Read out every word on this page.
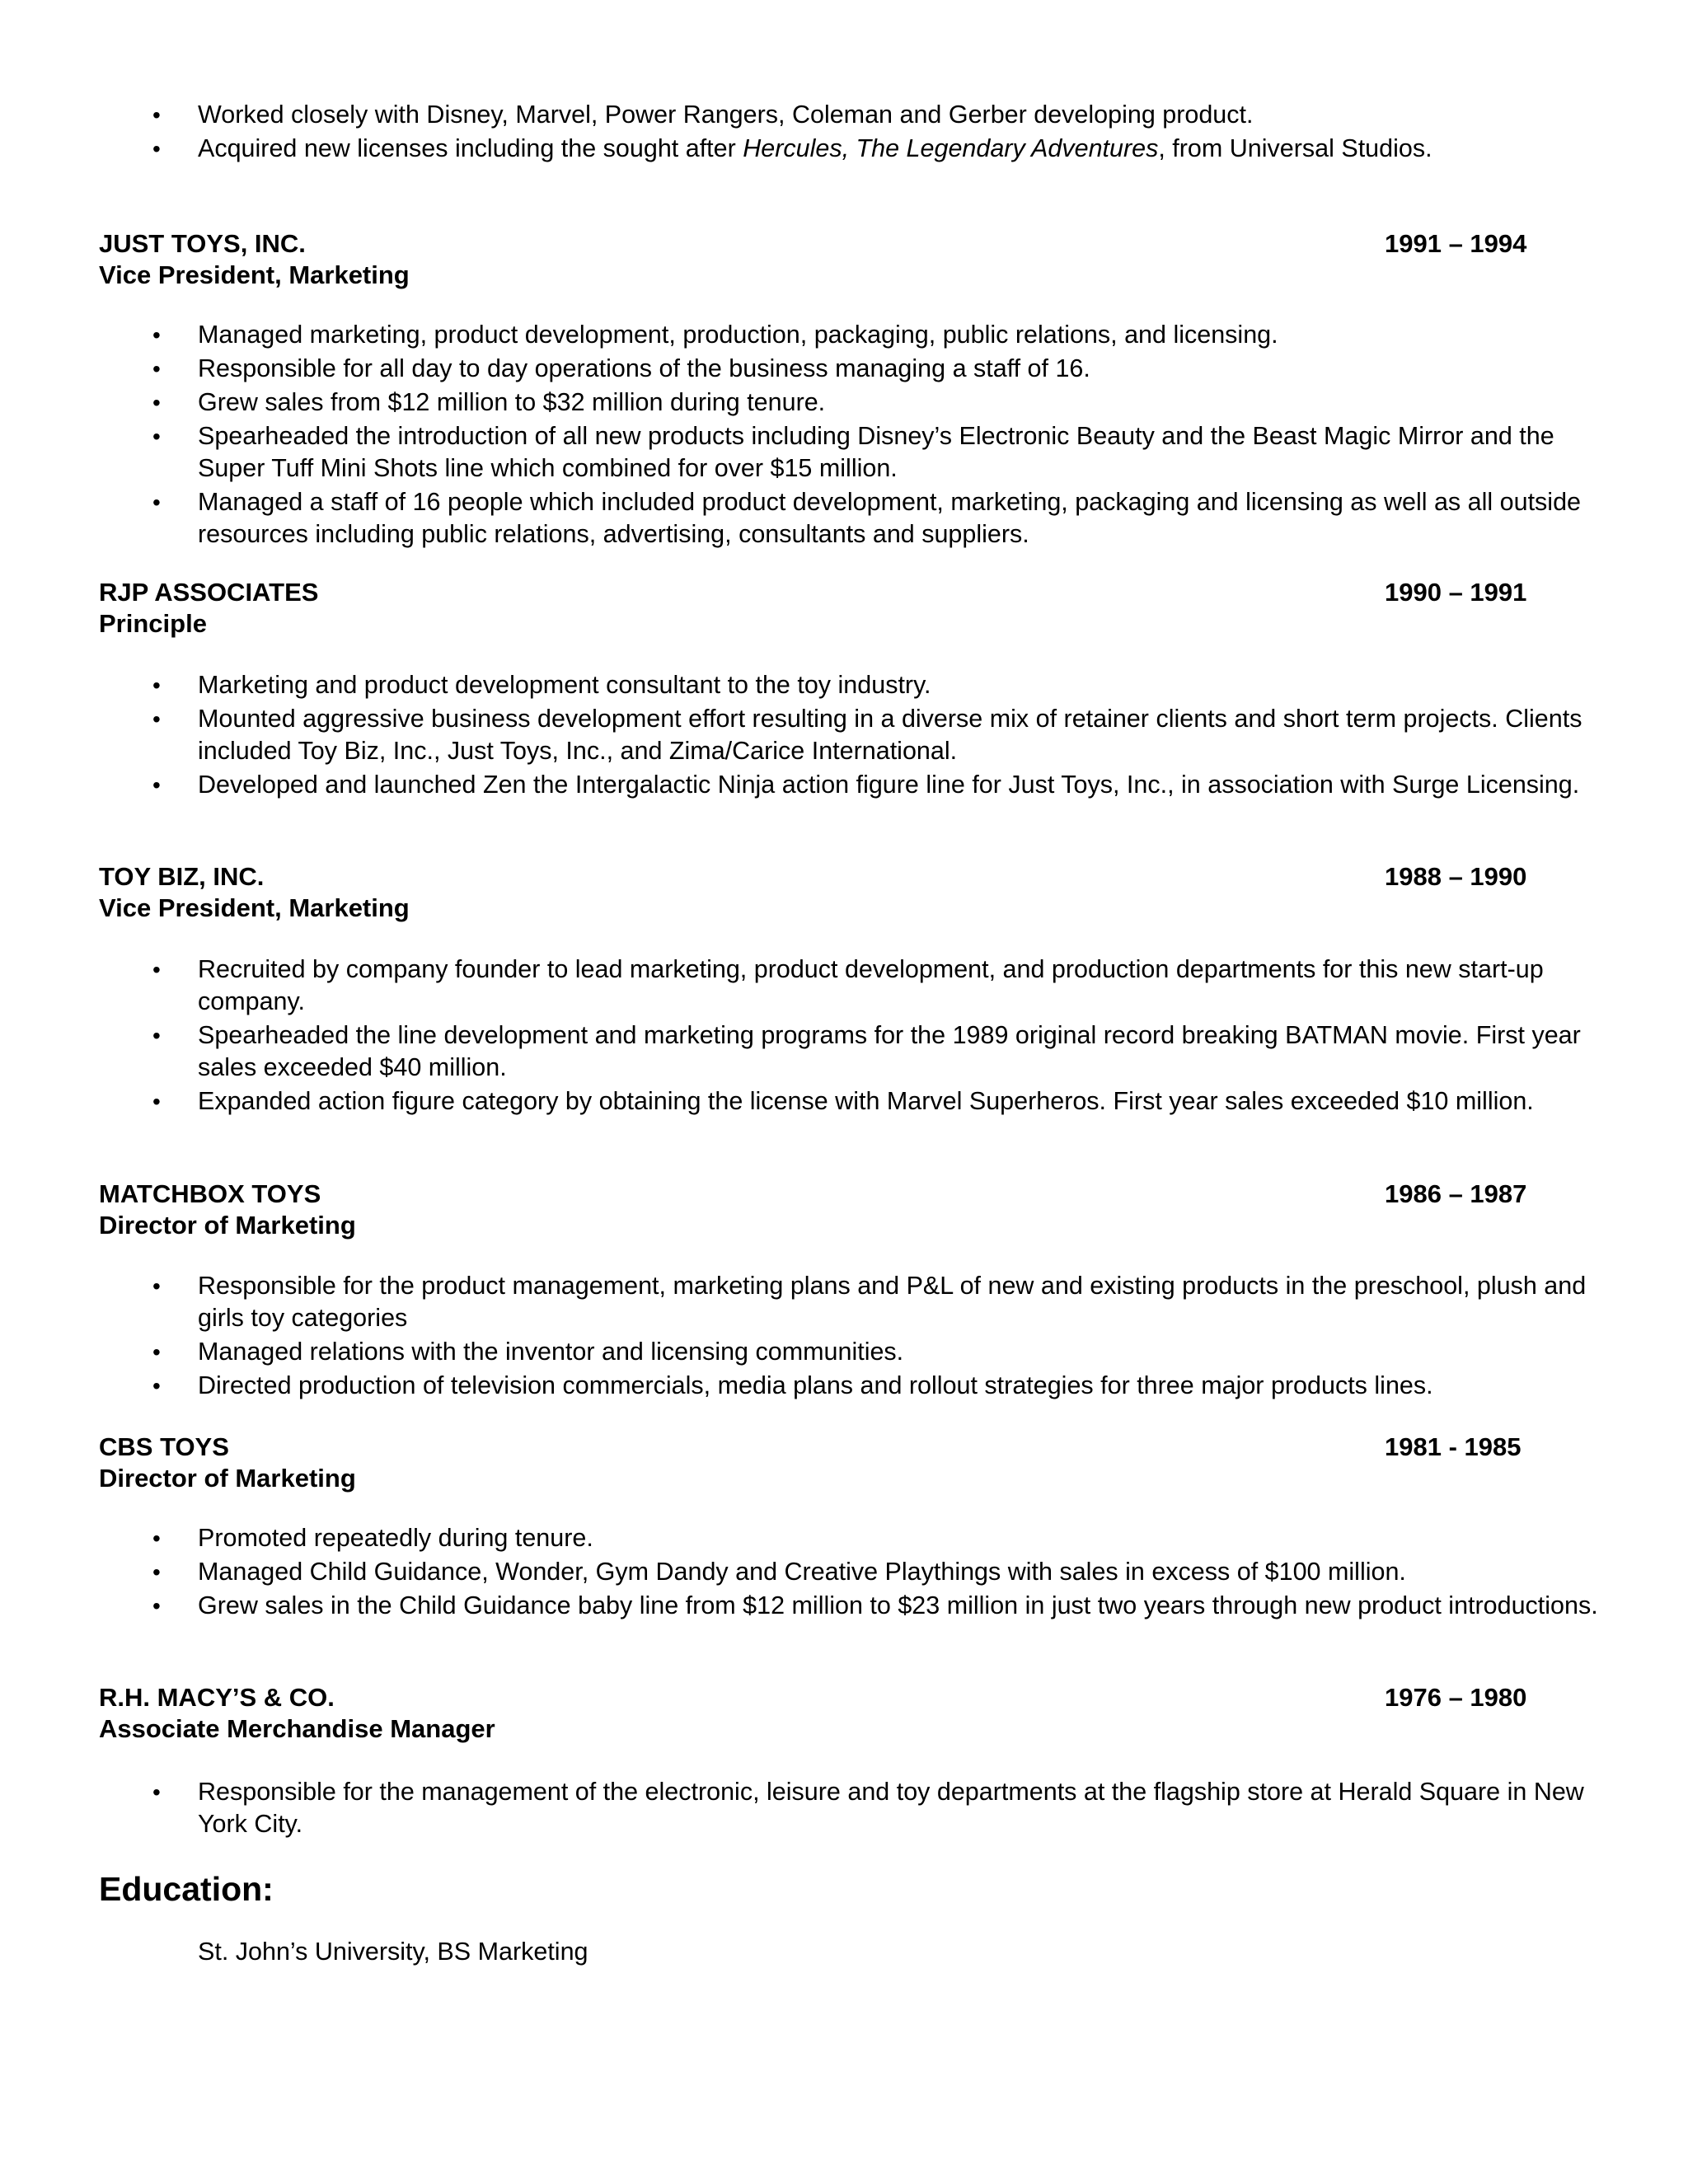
• Worked closely with Disney, Marvel, Power Rangers, Coleman and Gerber developing product.
• Acquired new licenses including the sought after Hercules, The Legendary Adventures, from Universal Studios.
JUST TOYS, INC.	1991 – 1994
Vice President, Marketing
• Managed marketing, product development, production, packaging, public relations, and licensing.
• Responsible for all day to day operations of the business managing a staff of 16.
• Grew sales from $12 million to $32 million during tenure.
• Spearheaded the introduction of all new products including Disney’s Electronic Beauty and the Beast Magic Mirror and the Super Tuff Mini Shots line which combined for over $15 million.
• Managed a staff of 16 people which included product development, marketing, packaging and licensing as well as all outside resources including public relations, advertising, consultants and suppliers.
RJP ASSOCIATES	1990 – 1991
Principle
• Marketing and product development consultant to the toy industry.
• Mounted aggressive business development effort resulting in a diverse mix of retainer clients and short term projects. Clients included Toy Biz, Inc., Just Toys, Inc., and Zima/Carice International.
• Developed and launched Zen the Intergalactic Ninja action figure line for Just Toys, Inc., in association with Surge Licensing.
TOY BIZ, INC.	1988 – 1990
Vice President, Marketing
• Recruited by company founder to lead marketing, product development, and production departments for this new start-up company.
• Spearheaded the line development and marketing programs for the 1989 original record breaking BATMAN movie. First year sales exceeded $40 million.
• Expanded action figure category by obtaining the license with Marvel Superheros. First year sales exceeded $10 million.
MATCHBOX TOYS	1986 – 1987
Director of Marketing
• Responsible for the product management, marketing plans and P&L of new and existing products in the preschool, plush and girls toy categories
• Managed relations with the inventor and licensing communities.
• Directed production of television commercials, media plans and rollout strategies for three major products lines.
CBS TOYS	1981 - 1985
Director of Marketing
• Promoted repeatedly during tenure.
• Managed Child Guidance, Wonder, Gym Dandy and Creative Playthings with sales in excess of $100 million.
• Grew sales in the Child Guidance baby line from $12 million to $23 million in just two years through new product introductions.
R.H. MACY’S & CO.	1976 – 1980
Associate Merchandise Manager
• Responsible for the management of the electronic, leisure and toy departments at the flagship store at Herald Square in New York City.
Education:
St. John’s University, BS Marketing
